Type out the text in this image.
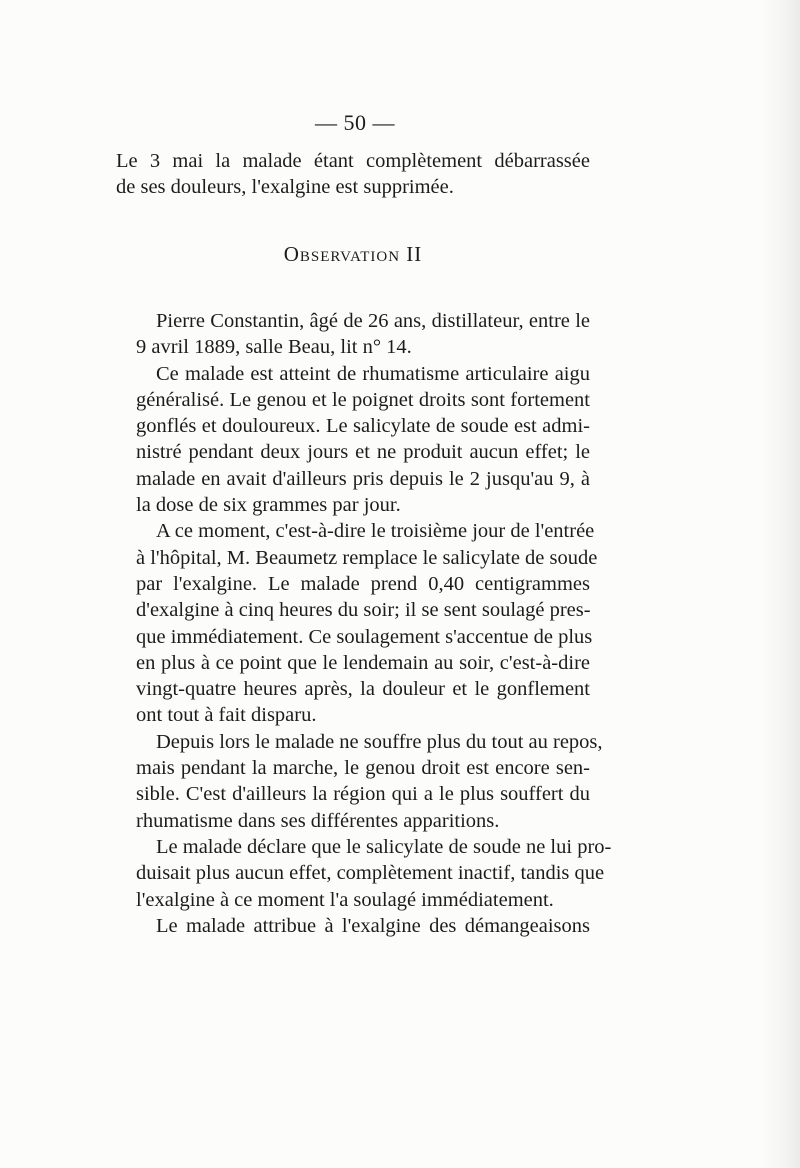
— 50 —
Le 3 mai la malade étant complètement débarrassée
de ses douleurs, l'exalgine est supprimée.
Observation II
Pierre Constantin, âgé de 26 ans, distillateur, entre le
9 avril 1889, salle Beau, lit n° 14.
Ce malade est atteint de rhumatisme articulaire aigu
généralisé. Le genou et le poignet droits sont fortement
gonflés et douloureux. Le salicylate de soude est admi-
nistré pendant deux jours et ne produit aucun effet; le
malade en avait d'ailleurs pris depuis le 2 jusqu'au 9, à
la dose de six grammes par jour.
A ce moment, c'est-à-dire le troisième jour de l'entrée
à l'hôpital, M. Beaumetz remplace le salicylate de soude
par l'exalgine. Le malade prend 0,40 centigrammes
d'exalgine à cinq heures du soir; il se sent soulagé pres-
que immédiatement. Ce soulagement s'accentue de plus
en plus à ce point que le lendemain au soir, c'est-à-dire
vingt-quatre heures après, la douleur et le gonflement
ont tout à fait disparu.
Depuis lors le malade ne souffre plus du tout au repos,
mais pendant la marche, le genou droit est encore sen-
sible. C'est d'ailleurs la région qui a le plus souffert du
rhumatisme dans ses différentes apparitions.
Le malade déclare que le salicylate de soude ne lui pro-
duisait plus aucun effet, complètement inactif, tandis que
l'exalgine à ce moment l'a soulagé immédiatement.
Le malade attribue à l'exalgine des démangeaisons
